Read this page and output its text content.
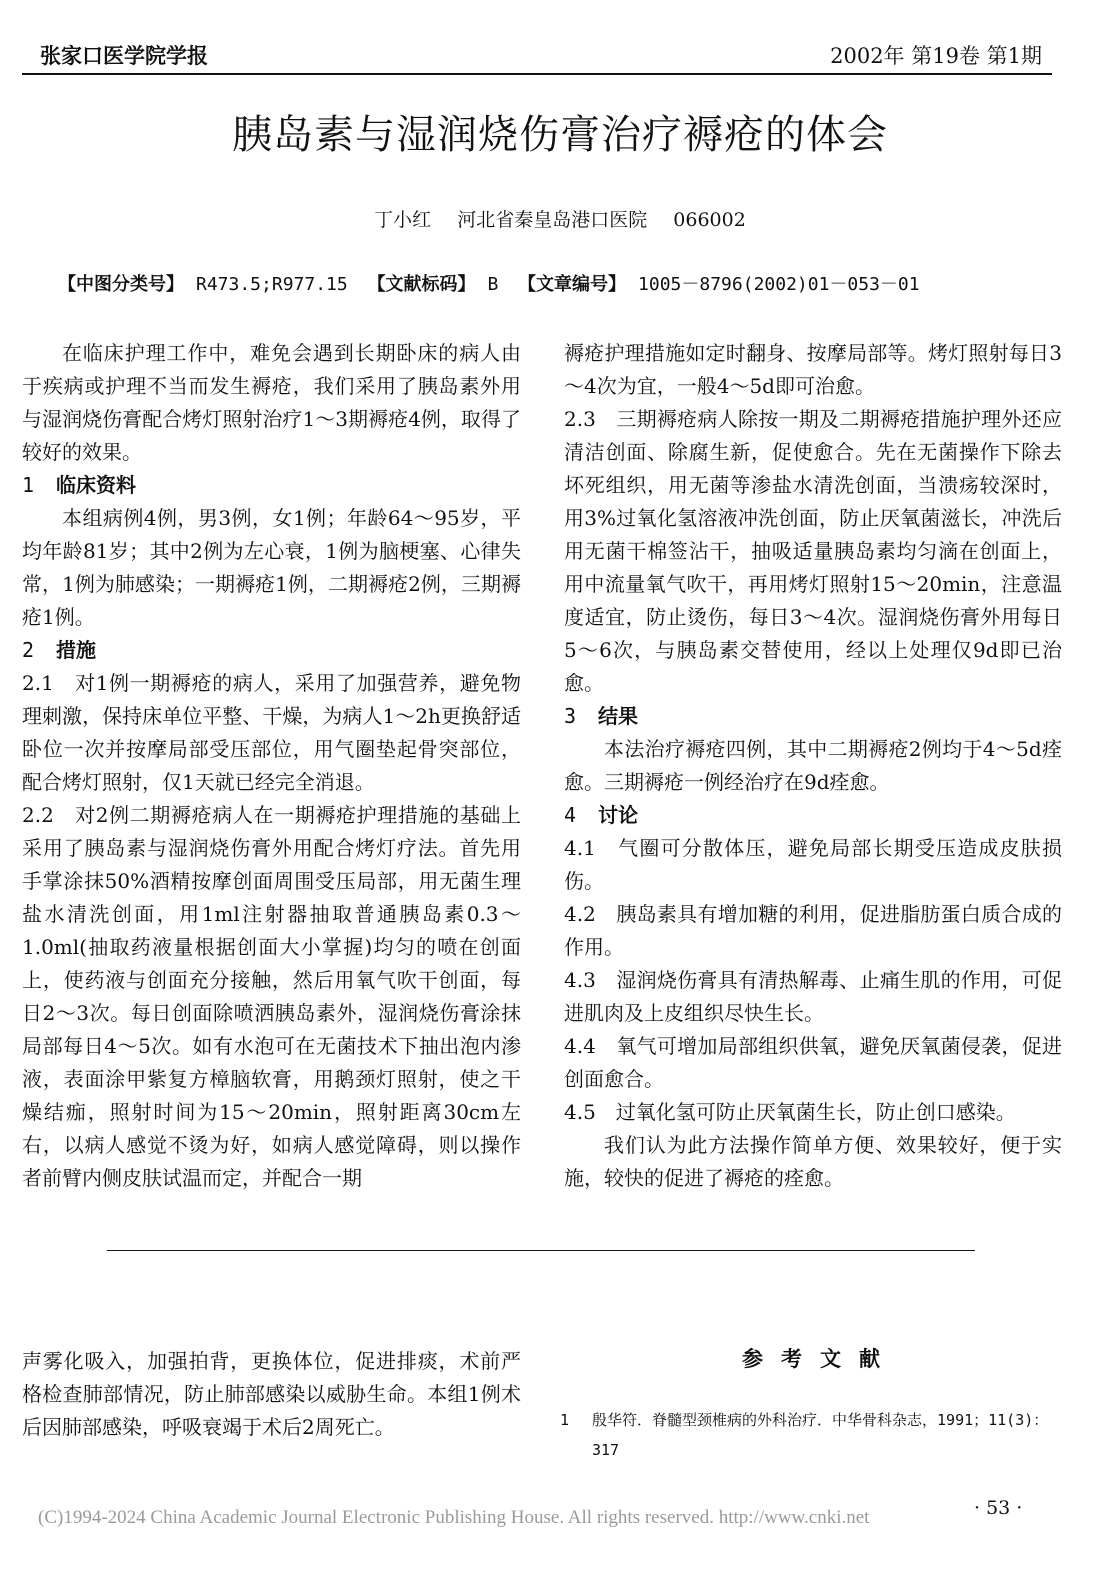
张家口医学院学报	2002年 第19卷 第1期
胰岛素与湿润烧伤膏治疗褥疮的体会
丁小红 河北省秦皇岛港口医院 066002
【中图分类号】 R473.5;R977.15 【文献标码】 B 【文章编号】 1005－8796(2002)01－053－01

在临床护理工作中，难免会遇到长期卧床的病人由于疾病或护理不当而发生褥疮，我们采用了胰岛素外用与湿润烧伤膏配合烤灯照射治疗1～3期褥疮4例，取得了较好的效果。

1 临床资料

本组病例4例，男3例，女1例；年龄64～95岁，平均年龄81岁；其中2例为左心衰，1例为脑梗塞、心律失常，1例为肺感染；一期褥疮1例，二期褥疮2例，三期褥疮1例。

2 措施

2.1　对1例一期褥疮的病人，采用了加强营养，避免物理刺激，保持床单位平整、干燥，为病人1～2h更换舒适卧位一次并按摩局部受压部位，用气圈垫起骨突部位，配合烤灯照射，仅1天就已经完全消退。

2.2　对2例二期褥疮病人在一期褥疮护理措施的基础上采用了胰岛素与湿润烧伤膏外用配合烤灯疗法。首先用手掌涂抹50%酒精按摩创面周围受压局部，用无菌生理盐水清洗创面，用1ml注射器抽取普通胰岛素0.3～1.0ml(抽取药液量根据创面大小掌握)均匀的喷在创面上，使药液与创面充分接触，然后用氧气吹干创面，每日2～3次。每日创面除喷洒胰岛素外，湿润烧伤膏涂抹局部每日4～5次。如有水泡可在无菌技术下抽出泡内渗液，表面涂甲紫复方樟脑软膏，用鹅颈灯照射，使之干燥结痂，照射时间为15～20min，照射距离30cm左右，以病人感觉不烫为好，如病人感觉障碍，则以操作者前臂内侧皮肤试温而定，并配合一期

褥疮护理措施如定时翻身、按摩局部等。烤灯照射每日3～4次为宜，一般4～5d即可治愈。

2.3　三期褥疮病人除按一期及二期褥疮措施护理外还应清洁创面、除腐生新，促使愈合。先在无菌操作下除去坏死组织，用无菌等渗盐水清洗创面，当溃疡较深时，用3%过氧化氢溶液冲洗创面，防止厌氧菌滋长，冲洗后用无菌干棉签沾干，抽吸适量胰岛素均匀滴在创面上，用中流量氧气吹干，再用烤灯照射15～20min，注意温度适宜，防止烫伤，每日3～4次。湿润烧伤膏外用每日5～6次，与胰岛素交替使用，经以上处理仅9d即已治愈。

3 结果

本法治疗褥疮四例，其中二期褥疮2例均于4～5d痊愈。三期褥疮一例经治疗在9d痊愈。

4 讨论

4.1　气圈可分散体压，避免局部长期受压造成皮肤损伤。

4.2　胰岛素具有增加糖的利用，促进脂肪蛋白质合成的作用。

4.3　湿润烧伤膏具有清热解毒、止痛生肌的作用，可促进肌肉及上皮组织尽快生长。

4.4　氧气可增加局部组织供氧，避免厌氧菌侵袭，促进创面愈合。

4.5　过氧化氢可防止厌氧菌生长，防止创口感染。

我们认为此方法操作简单方便、效果较好，便于实施，较快的促进了褥疮的痊愈。

声雾化吸入，加强拍背，更换体位，促进排痰，术前严格检查肺部情况，防止肺部感染以威胁生命。本组1例术后因肺部感染，呼吸衰竭于术后2周死亡。

参考文献
1	殷华符．脊髓型颈椎病的外科治疗．中华骨科杂志，1991；11(3)：317
· 53 ·
(C)1994-2024 China Academic Journal Electronic Publishing House. All rights reserved. http://www.cnki.net
